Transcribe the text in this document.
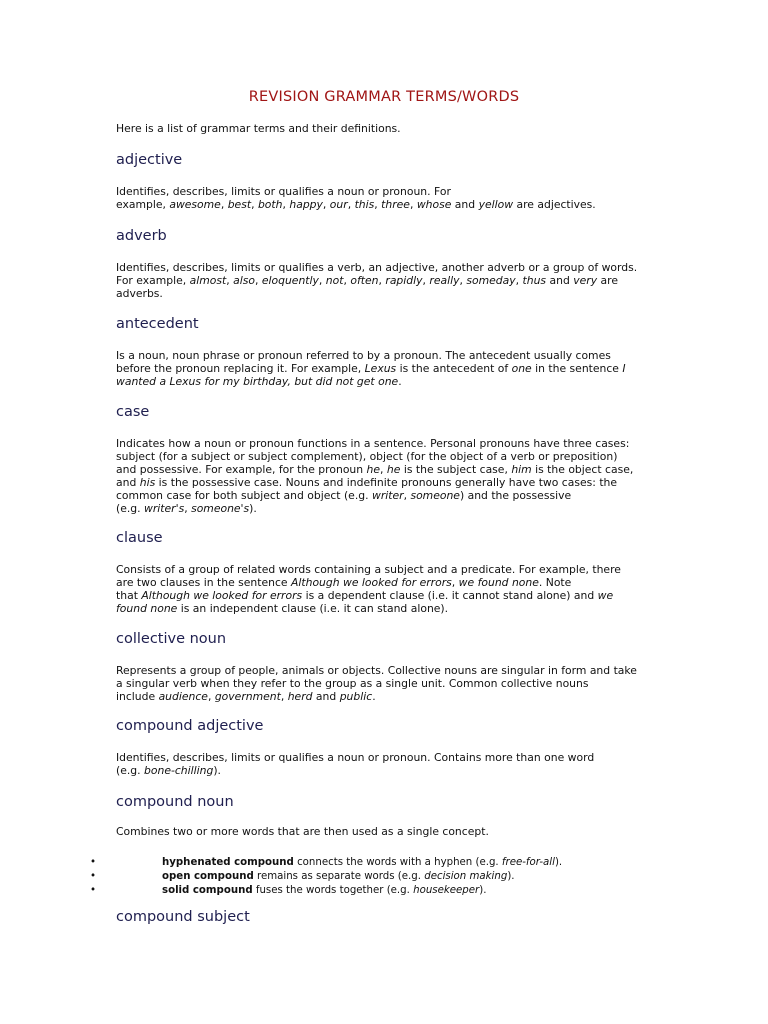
REVISION GRAMMAR TERMS/WORDS
Here is a list of grammar terms and their definitions.
adjective
Identifies, describes, limits or qualifies a noun or pronoun. For
example, awesome, best, both, happy, our, this, three, whose and yellow are adjectives.
adverb
Identifies, describes, limits or qualifies a verb, an adjective, another adverb or a group of words.
For example, almost, also, eloquently, not, often, rapidly, really, someday, thus and very are
adverbs.
antecedent
Is a noun, noun phrase or pronoun referred to by a pronoun. The antecedent usually comes
before the pronoun replacing it. For example, Lexus is the antecedent of one in the sentence I
wanted a Lexus for my birthday, but did not get one.
case
Indicates how a noun or pronoun functions in a sentence. Personal pronouns have three cases:
subject (for a subject or subject complement), object (for the object of a verb or preposition)
and possessive. For example, for the pronoun he, he is the subject case, him is the object case,
and his is the possessive case. Nouns and indefinite pronouns generally have two cases: the
common case for both subject and object (e.g. writer, someone) and the possessive
(e.g. writer's, someone's).
clause
Consists of a group of related words containing a subject and a predicate. For example, there
are two clauses in the sentence Although we looked for errors, we found none. Note
that Although we looked for errors is a dependent clause (i.e. it cannot stand alone) and we
found none is an independent clause (i.e. it can stand alone).
collective noun
Represents a group of people, animals or objects. Collective nouns are singular in form and take
a singular verb when they refer to the group as a single unit. Common collective nouns
include audience, government, herd and public.
compound adjective
Identifies, describes, limits or qualifies a noun or pronoun. Contains more than one word
(e.g. bone-chilling).
compound noun
Combines two or more words that are then used as a single concept.
•	hyphenated compound connects the words with a hyphen (e.g. free-for-all).
•	open compound remains as separate words (e.g. decision making).
•	solid compound fuses the words together (e.g. housekeeper).
compound subject
